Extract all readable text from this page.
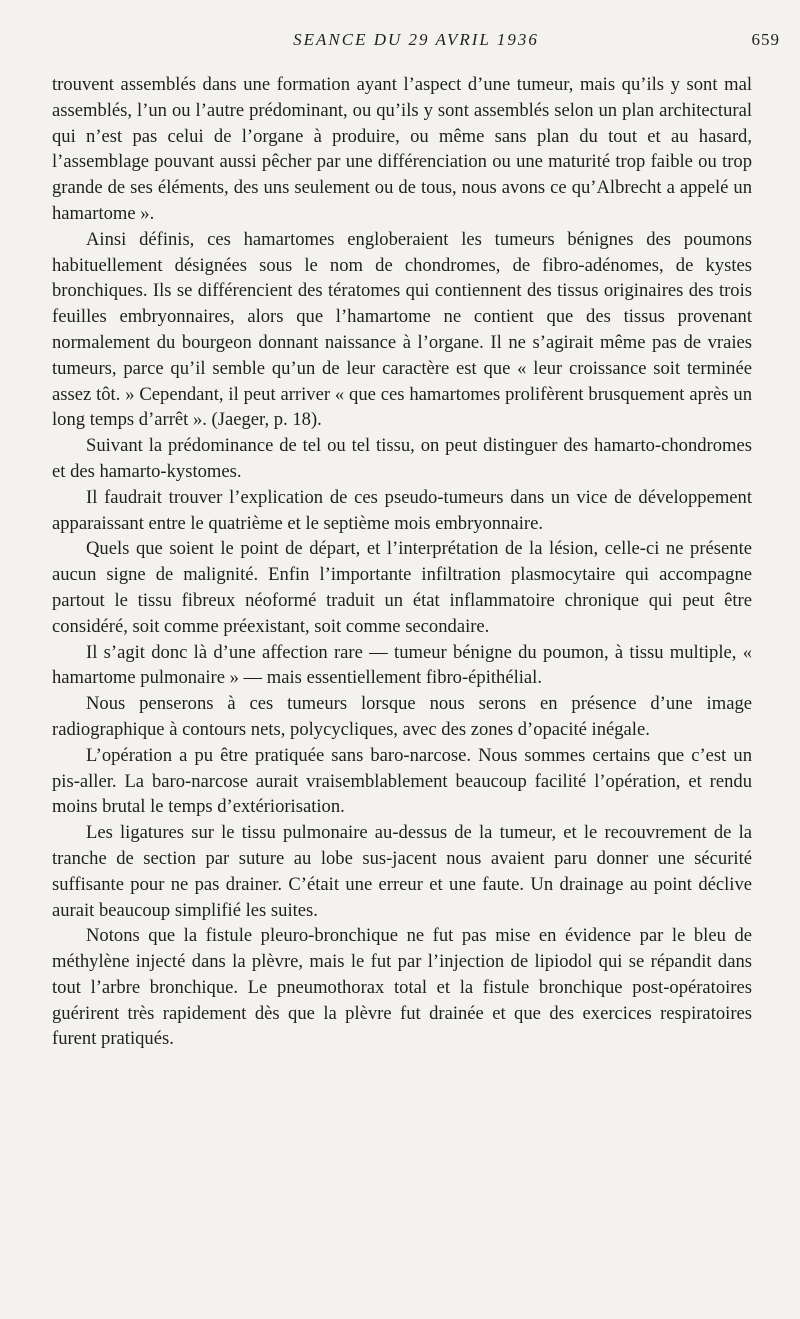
SEANCE DU 29 AVRIL 1936	659

trouvent assemblés dans une formation ayant l’aspect d’une tumeur, mais qu’ils y sont mal assemblés, l’un ou l’autre prédominant, ou qu’ils y sont assemblés selon un plan architectural qui n’est pas celui de l’organe à produire, ou même sans plan du tout et au hasard, l’assemblage pouvant aussi pêcher par une différenciation ou une maturité trop faible ou trop grande de ses éléments, des uns seulement ou de tous, nous avons ce qu’Albrecht a appelé un hamartome ».

Ainsi définis, ces hamartomes engloberaient les tumeurs bénignes des poumons habituellement désignées sous le nom de chondromes, de fibro-adénomes, de kystes bronchiques. Ils se différencient des tératomes qui contiennent des tissus originaires des trois feuilles embryonnaires, alors que l’hamartome ne contient que des tissus provenant normalement du bourgeon donnant naissance à l’organe. Il ne s’agirait même pas de vraies tumeurs, parce qu’il semble qu’un de leur caractère est que « leur croissance soit terminée assez tôt. » Cependant, il peut arriver « que ces hamartomes prolifèrent brusquement après un long temps d’arrêt ». (Jaeger, p. 18).

Suivant la prédominance de tel ou tel tissu, on peut distinguer des hamarto-chondromes et des hamarto-kystomes.

Il faudrait trouver l’explication de ces pseudo-tumeurs dans un vice de développement apparaissant entre le quatrième et le septième mois embryonnaire.

Quels que soient le point de départ, et l’interprétation de la lésion, celle-ci ne présente aucun signe de malignité. Enfin l’importante infiltration plasmocytaire qui accompagne partout le tissu fibreux néoformé traduit un état inflammatoire chronique qui peut être considéré, soit comme préexistant, soit comme secondaire.

Il s’agit donc là d’une affection rare — tumeur bénigne du poumon, à tissu multiple, « hamartome pulmonaire » — mais essentiellement fibro-épithélial.

Nous penserons à ces tumeurs lorsque nous serons en présence d’une image radiographique à contours nets, polycycliques, avec des zones d’opacité inégale.

L’opération a pu être pratiquée sans baro-narcose. Nous sommes certains que c’est un pis-aller. La baro-narcose aurait vraisemblablement beaucoup facilité l’opération, et rendu moins brutal le temps d’extériorisation.

Les ligatures sur le tissu pulmonaire au-dessus de la tumeur, et le recouvrement de la tranche de section par suture au lobe sus-jacent nous avaient paru donner une sécurité suffisante pour ne pas drainer. C’était une erreur et une faute. Un drainage au point déclive aurait beaucoup simplifié les suites.

Notons que la fistule pleuro-bronchique ne fut pas mise en évidence par le bleu de méthylène injecté dans la plèvre, mais le fut par l’injection de lipiodol qui se répandit dans tout l’arbre bronchique. Le pneumothorax total et la fistule bronchique post-opératoires guérirent très rapidement dès que la plèvre fut drainée et que des exercices respiratoires furent pratiqués.
